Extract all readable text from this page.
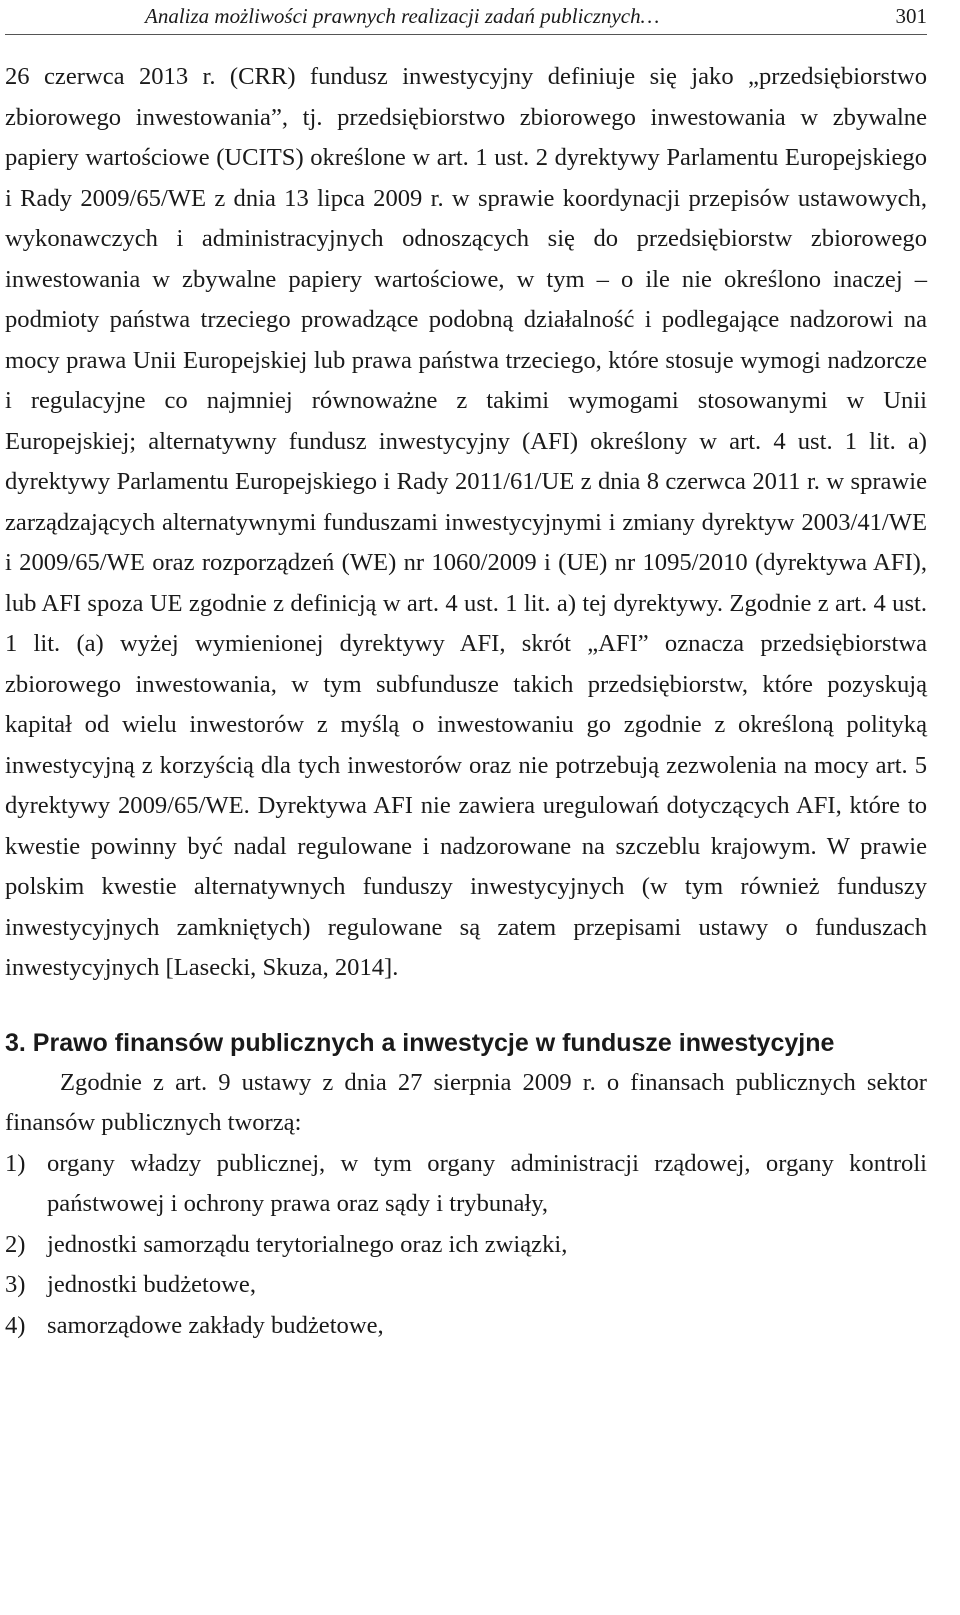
Analiza możliwości prawnych realizacji zadań publicznych…	301

26 czerwca 2013 r. (CRR) fundusz inwestycyjny definiuje się jako „przedsiębiorstwo zbiorowego inwestowania”, tj. przedsiębiorstwo zbiorowego inwestowania w zbywalne papiery wartościowe (UCITS) określone w art. 1 ust. 2 dyrektywy Parlamentu Europejskiego i Rady 2009/65/WE z dnia 13 lipca 2009 r. w sprawie koordynacji przepisów ustawowych, wykonawczych i administracyjnych odnoszących się do przedsiębiorstw zbiorowego inwestowania w zbywalne papiery wartościowe, w tym – o ile nie określono inaczej – podmioty państwa trzeciego prowadzące podobną działalność i podlegające nadzorowi na mocy prawa Unii Europejskiej lub prawa państwa trzeciego, które stosuje wymogi nadzorcze i regulacyjne co najmniej równoważne z takimi wymogami stosowanymi w Unii Europejskiej; alternatywny fundusz inwestycyjny (AFI) określony w art. 4 ust. 1 lit. a) dyrektywy Parlamentu Europejskiego i Rady 2011/61/UE z dnia 8 czerwca 2011 r. w sprawie zarządzających alternatywnymi funduszami inwestycyjnymi i zmiany dyrektyw 2003/41/WE i 2009/65/WE oraz rozporządzeń (WE) nr 1060/2009 i (UE) nr 1095/2010 (dyrektywa AFI), lub AFI spoza UE zgodnie z definicją w art. 4 ust. 1 lit. a) tej dyrektywy. Zgodnie z art. 4 ust. 1 lit. (a) wyżej wymienionej dyrektywy AFI, skrót „AFI” oznacza przedsiębiorstwa zbiorowego inwestowania, w tym subfundusze takich przedsiębiorstw, które pozyskują kapitał od wielu inwestorów z myślą o inwestowaniu go zgodnie z określoną polityką inwestycyjną z korzyścią dla tych inwestorów oraz nie potrzebują zezwolenia na mocy art. 5 dyrektywy 2009/65/WE. Dyrektywa AFI nie zawiera uregulowań dotyczących AFI, które to kwestie powinny być nadal regulowane i nadzorowane na szczeblu krajowym. W prawie polskim kwestie alternatywnych funduszy inwestycyjnych (w tym również funduszy inwestycyjnych zamkniętych) regulowane są zatem przepisami ustawy o funduszach inwestycyjnych [Lasecki, Skuza, 2014].

3. Prawo finansów publicznych a inwestycje w fundusze inwestycyjne

Zgodnie z art. 9 ustawy z dnia 27 sierpnia 2009 r. o finansach publicznych sektor finansów publicznych tworzą:

1) organy władzy publicznej, w tym organy administracji rządowej, organy kontroli państwowej i ochrony prawa oraz sądy i trybunały,
2) jednostki samorządu terytorialnego oraz ich związki,
3) jednostki budżetowe,
4) samorządowe zakłady budżetowe,
